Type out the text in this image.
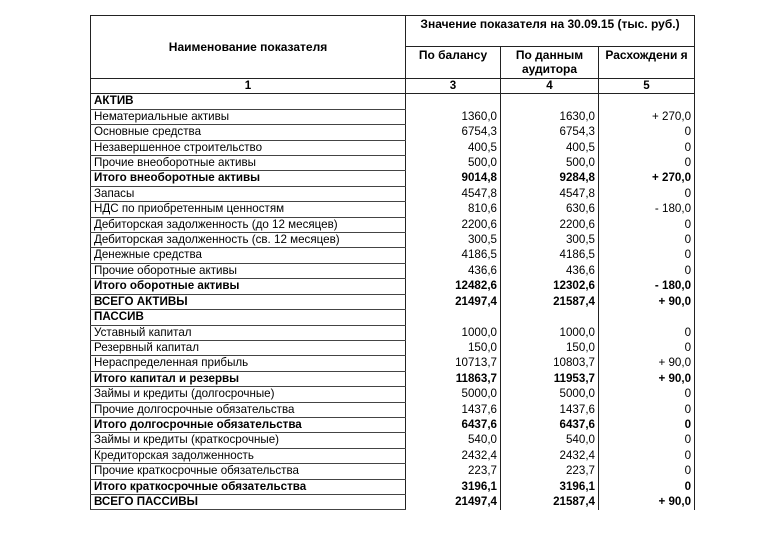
Наименование показателя	Значение показателя на 30.09.15 (тыс. руб.)		
	По балансу	По данным аудитора	Расхождени я
1	3	4	5
АКТИВ			
Нематериальные активы	1360,0	1630,0	+ 270,0
Основные средства	6754,3	6754,3	0
Незавершенное строительство	400,5	400,5	0
Прочие внеоборотные активы	500,0	500,0	0
Итого внеоборотные активы	9014,8	9284,8	+ 270,0
Запасы	4547,8	4547,8	0
НДС по приобретенным ценностям	810,6	630,6	- 180,0
Дебиторская задолженность (до 12 месяцев)	2200,6	2200,6	0
Дебиторская задолженность (св. 12 месяцев)	300,5	300,5	0
Денежные средства	4186,5	4186,5	0
Прочие оборотные активы	436,6	436,6	0
Итого оборотные активы	12482,6	12302,6	- 180,0
ВСЕГО АКТИВЫ	21497,4	21587,4	+ 90,0
ПАССИВ			
Уставный капитал	1000,0	1000,0	0
Резервный капитал	150,0	150,0	0
Нераспределенная прибыль	10713,7	10803,7	+ 90,0
Итого капитал и резервы	11863,7	11953,7	+ 90,0
Займы и кредиты (долгосрочные)	5000,0	5000,0	0
Прочие долгосрочные обязательства	1437,6	1437,6	0
Итого долгосрочные обязательства	6437,6	6437,6	0
Займы и кредиты (краткосрочные)	540,0	540,0	0
Кредиторская задолженность	2432,4	2432,4	0
Прочие краткосрочные обязательства	223,7	223,7	0
Итого краткосрочные обязательства	3196,1	3196,1	0
ВСЕГО ПАССИВЫ	21497,4	21587,4	+ 90,0
